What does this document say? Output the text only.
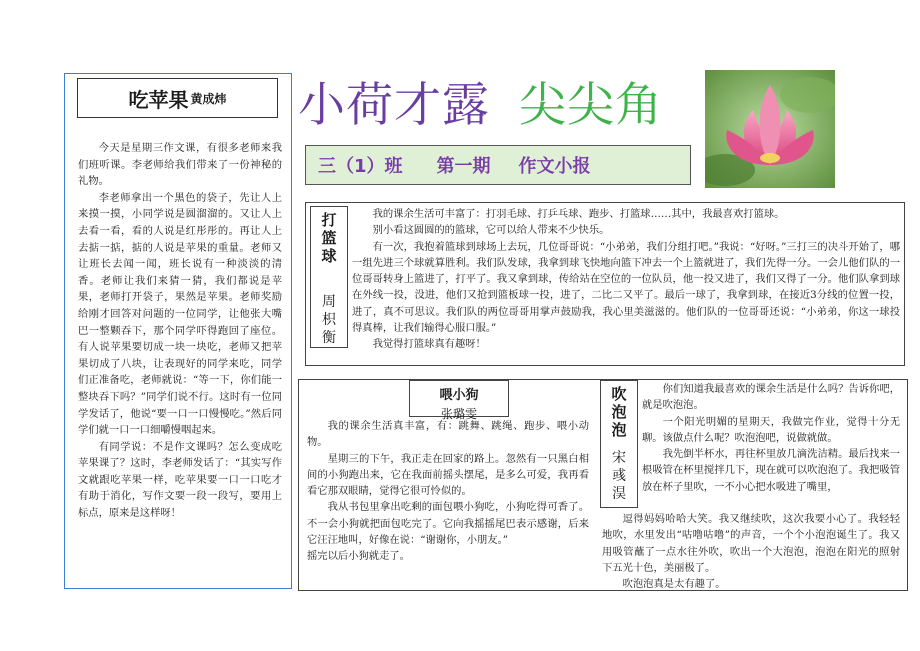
吃苹果 黄成炜

今天是星期三作文课，有很多老师来我们班听课。李老师给我们带来了一份神秘的礼物。

李老师拿出一个黑色的袋子，先让人上来摸一摸，小同学说是圆溜溜的。又让人上去看一看，看的人说是红彤彤的。再让人上去掂一掂，掂的人说是苹果的重量。老师又让班长去闻一闻，班长说有一种淡淡的清香。老师让我们来猜一猜，我们都说是苹果，老师打开袋子，果然是苹果。老师奖励给刚才回答对问题的一位同学，让他张大嘴巴一整颗吞下，那个同学吓得跑回了座位。有人说苹果要切成一块一块吃，老师又把苹果切成了八块，让表现好的同学来吃，同学们正准备吃，老师就说：“等一下，你们能一整块吞下吗？”同学们说不行。这时有一位同学发话了，他说“要一口一口慢慢吃。”然后同学们就一口一口细嚼慢咽起来。

有同学说：不是作文课吗？怎么变成吃苹果课了？这时，李老师发话了：“其实写作文就跟吃苹果一样，吃苹果要一口一口吃才有助于消化，写作文要一段一段写，要用上标点，原来是这样呀！

小荷才露 尖尖角
三（1）班 第一期 作文小报
打
篮
球
周
枳
衡

我的课余生活可丰富了：打羽毛球、打乒乓球、跑步、打篮球……其中，我最喜欢打篮球。

别小看这圆圆的的篮球，它可以给人带来不少快乐。

有一次，我抱着篮球到球场上去玩，几位哥哥说：“小弟弟，我们分组打吧。”我说：“好呀。”三打三的决斗开始了，哪一组先进三个球就算胜利。我们队发球，我拿到球飞快地向篮下冲去一个上篮就进了，我们先得一分。一会儿他们队的一位哥哥转身上篮进了，打平了。我又拿到球，传给站在空位的一位队员，他一投又进了，我们又得了一分。他们队拿到球在外线一投，没进，他们又抢到篮板球一投，进了，二比二又平了。最后一球了，我拿到球，在接近3分线的位置一投，进了，真不可思议。我们队的两位哥哥用掌声鼓励我，我心里美滋滋的。他们队的一位哥哥还说：“小弟弟，你这一球投得真棒，让我们输得心服口服。”

我觉得打篮球真有趣呀！

喂小狗
张璐雯

我的课余生活真丰富，有：跳舞、跳绳、跑步、喂小动物。

星期三的下午，我正走在回家的路上。忽然有一只黑白相间的小狗跑出来，它在我面前摇头摆尾，是多么可爱，我再看看它那双眼睛，觉得它很可怜似的。

我从书包里拿出吃剩的面包喂小狗吃，小狗吃得可香了。不一会小狗就把面包吃完了。它向我摇摇尾巴表示感谢，后来它汪汪地叫，好像在说：“谢谢你，小朋友。”

摇完以后小狗就走了。

吹
泡
泡
宋
彧
淏

你们知道我最喜欢的课余生活是什么吗？告诉你吧，就是吹泡泡。

一个阳光明媚的星期天，我做完作业，觉得十分无聊。该做点什么呢？吹泡泡吧，说做就做。

我先倒半杯水，再往杯里放几滴洗洁精。最后找来一根吸管在杯里搅拌几下，现在就可以吹泡泡了。我把吸管放在杯子里吹，一不小心把水吸进了嘴里，

逗得妈妈哈哈大笑。我又继续吹，这次我要小心了。我轻轻地吹，水里发出“咕噜咕噜”的声音，一个个小泡泡诞生了。我又用吸管蘸了一点水往外吹，吹出一个大泡泡，泡泡在阳光的照射下五光十色，美丽极了。

吹泡泡真是太有趣了。
